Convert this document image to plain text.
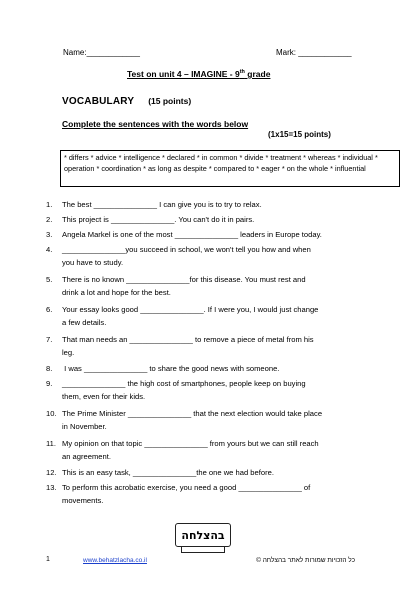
Name:____________	Mark: ____________
Test on unit 4 – IMAGINE - 9th grade
VOCABULARY (15 points)
Complete the sentences with the words below
(1x15=15 points)
* differs * advice * intelligence * declared * in common * divide * treatment * whereas * individual * operation * coordination * as long as despite * compared to * eager * on the whole * influential
1. The best _______________ I can give you is to try to relax.
2. This project is _______________. You can't do it in pairs.
3. Angela Markel is one of the most _______________ leaders in Europe today.
4. _______________you succeed in school, we won't tell you how and when
you have to study.
5. There is no known _______________for this disease. You must rest and
drink a lot and hope for the best.
6. Your essay looks good _______________. If I were you, I would just change
a few details.
7. That man needs an _______________ to remove a piece of metal from his
leg.
8. I was _______________ to share the good news with someone.
9. _______________ the high cost of smartphones, people keep on buying
them, even for their kids.
10. The Prime Minister _______________ that the next election would take place
in November.
11. My opinion on that topic _______________ from yours but we can still reach
an agreement.
12. This is an easy task, _______________the one we had before.
13. To perform this acrobatic exercise, you need a good _______________ of
movements.
בהצלחה
1	www.behatzlacha.co.il	כל הזכויות שמורות לאתר בהצלחה ©
